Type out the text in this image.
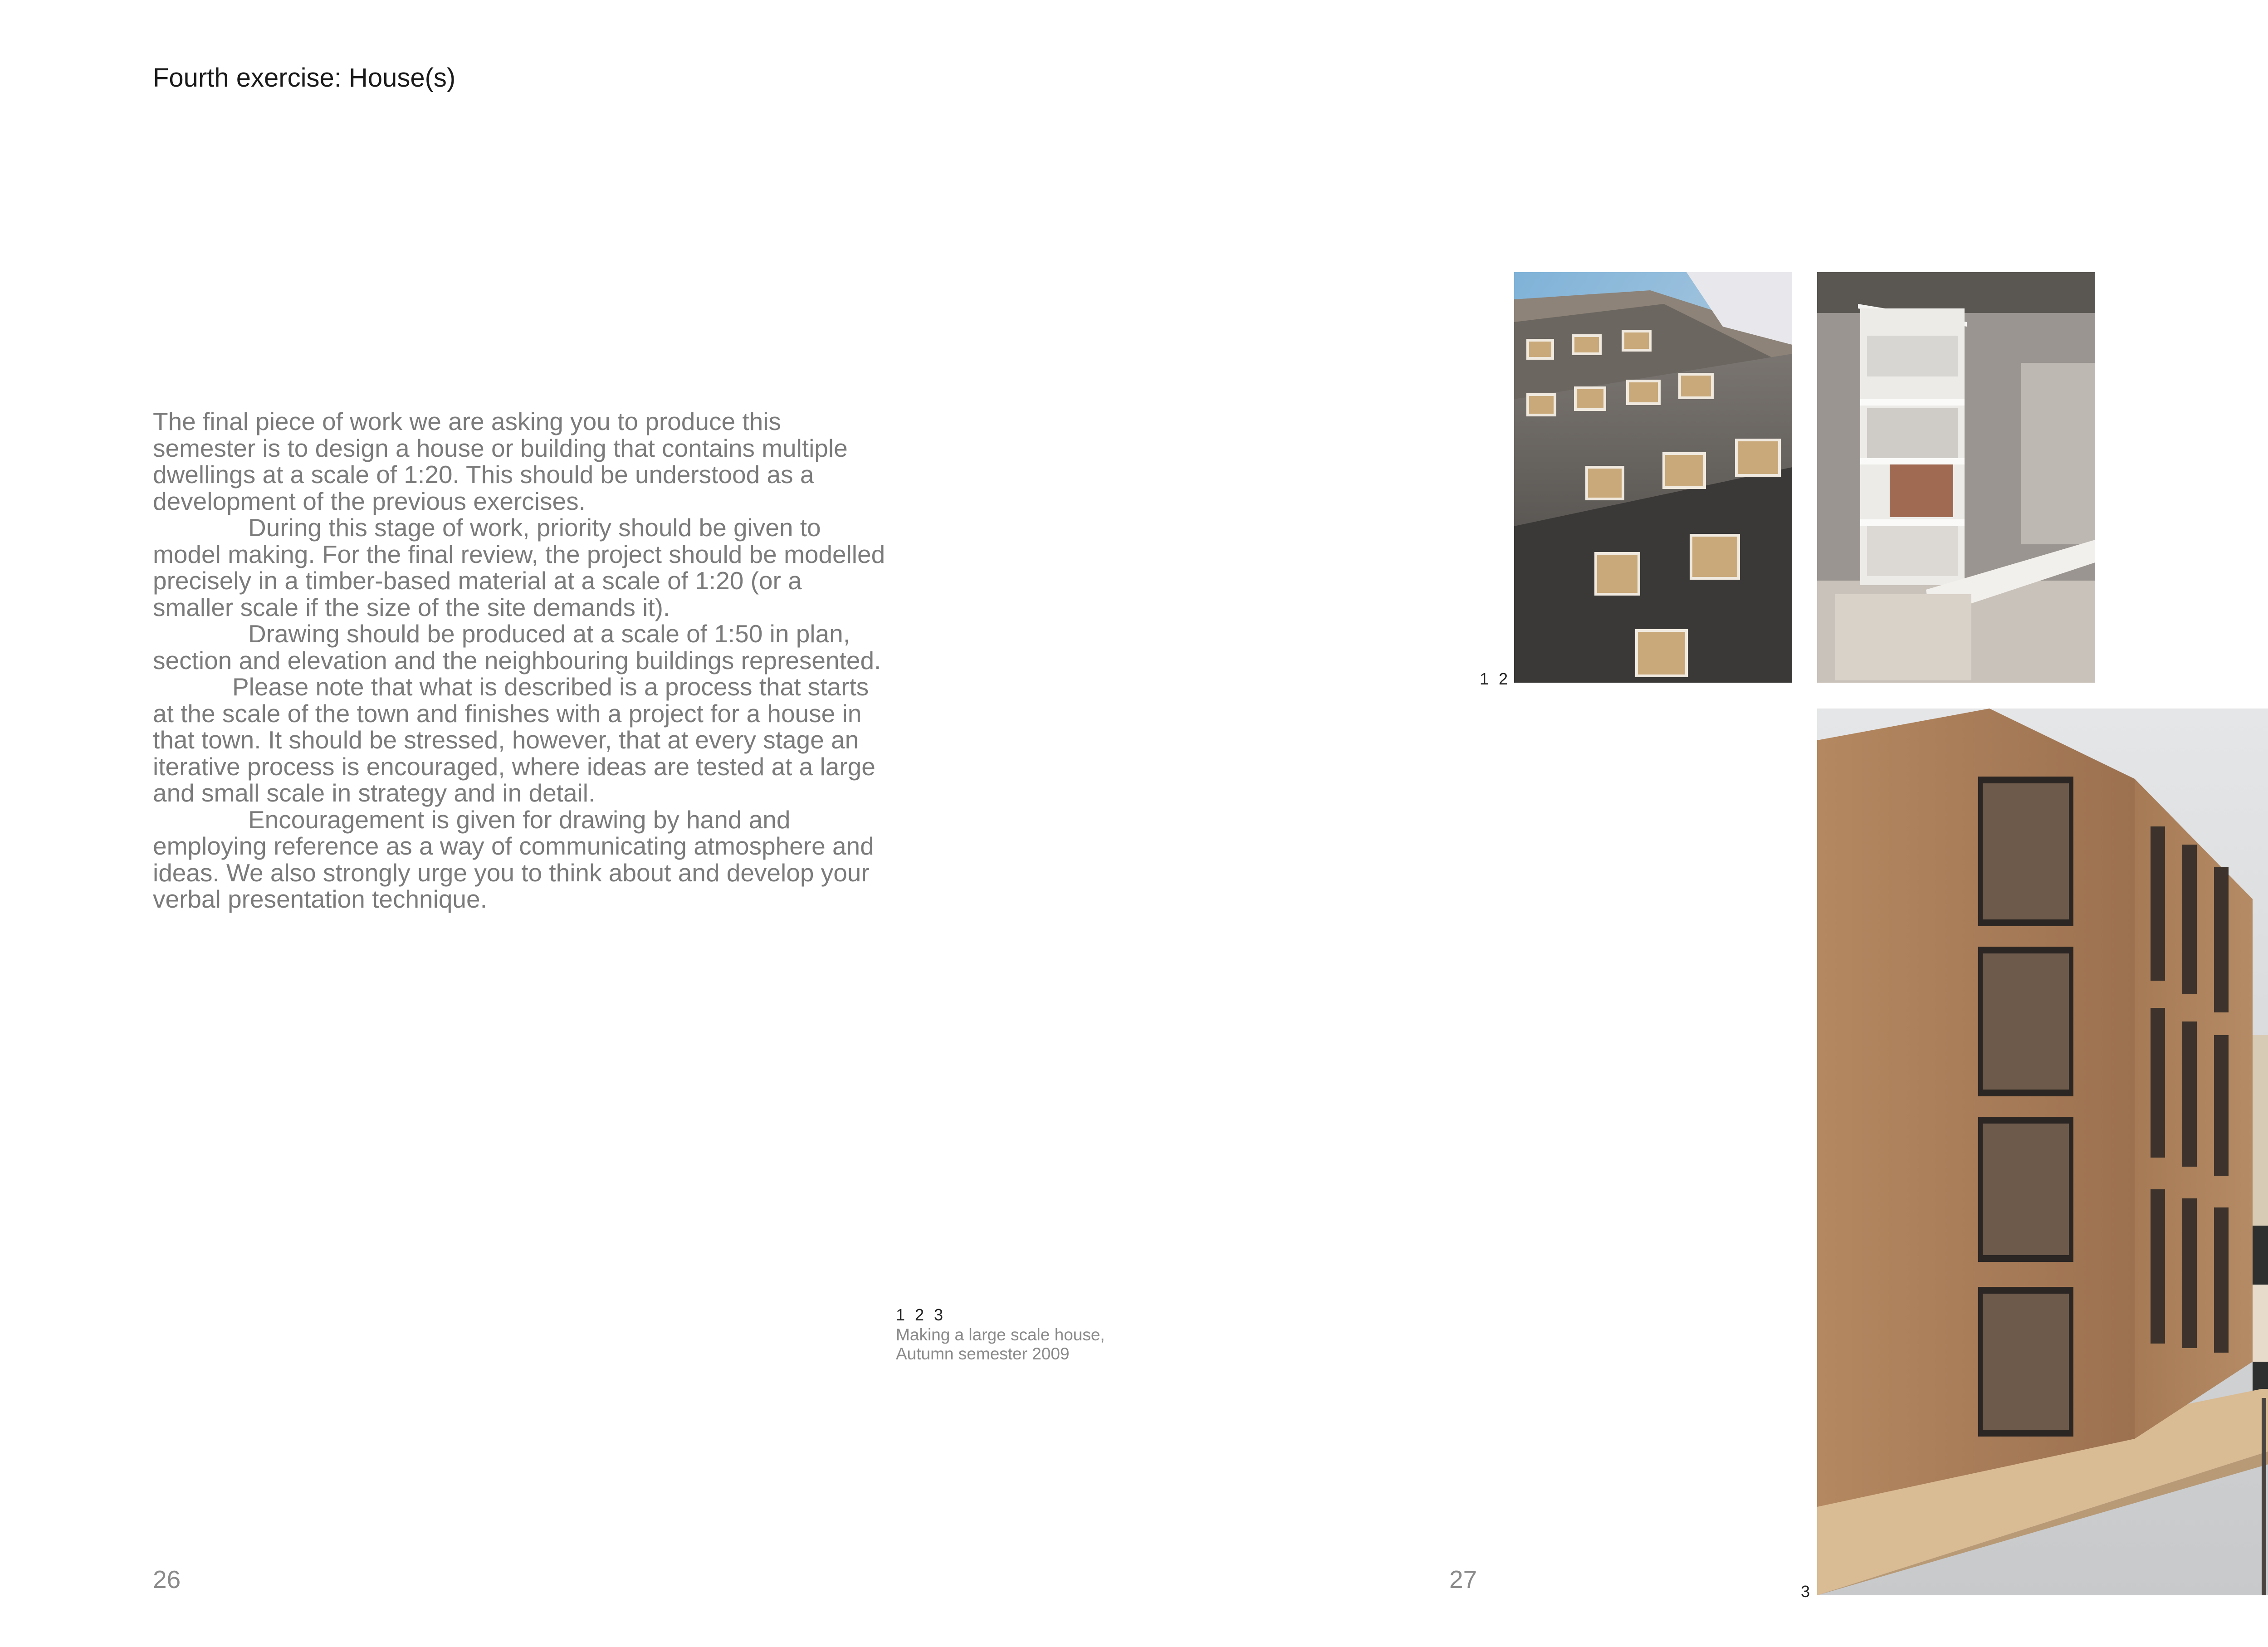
Fourth exercise: House(s)

The final piece of work we are asking you to produce this semester is to design a house or building that contains multiple dwellings at a scale of 1:20. This should be understood as a development of the previous exercises.

During this stage of work, priority should be given to model making. For the final review, the project should be modelled precisely in a timber-based material at a scale of 1:20 (or a smaller scale if the size of the site demands it).

Drawing should be produced at a scale of 1:50 in plan, section and elevation and the neighbouring buildings represented.

Please note that what is described is a process that starts at the scale of the town and finishes with a project for a house in that town. It should be stressed, however, that at every stage an iterative process is encouraged, where ideas are tested at a large and small scale in strategy and in detail.

Encouragement is given for drawing by hand and employing reference as a way of communicating atmosphere and ideas. We also strongly urge you to think about and develop your verbal presentation technique.

1 2 3
Making a large scale house,
Autumn semester 2009
1 2
3
26	27
